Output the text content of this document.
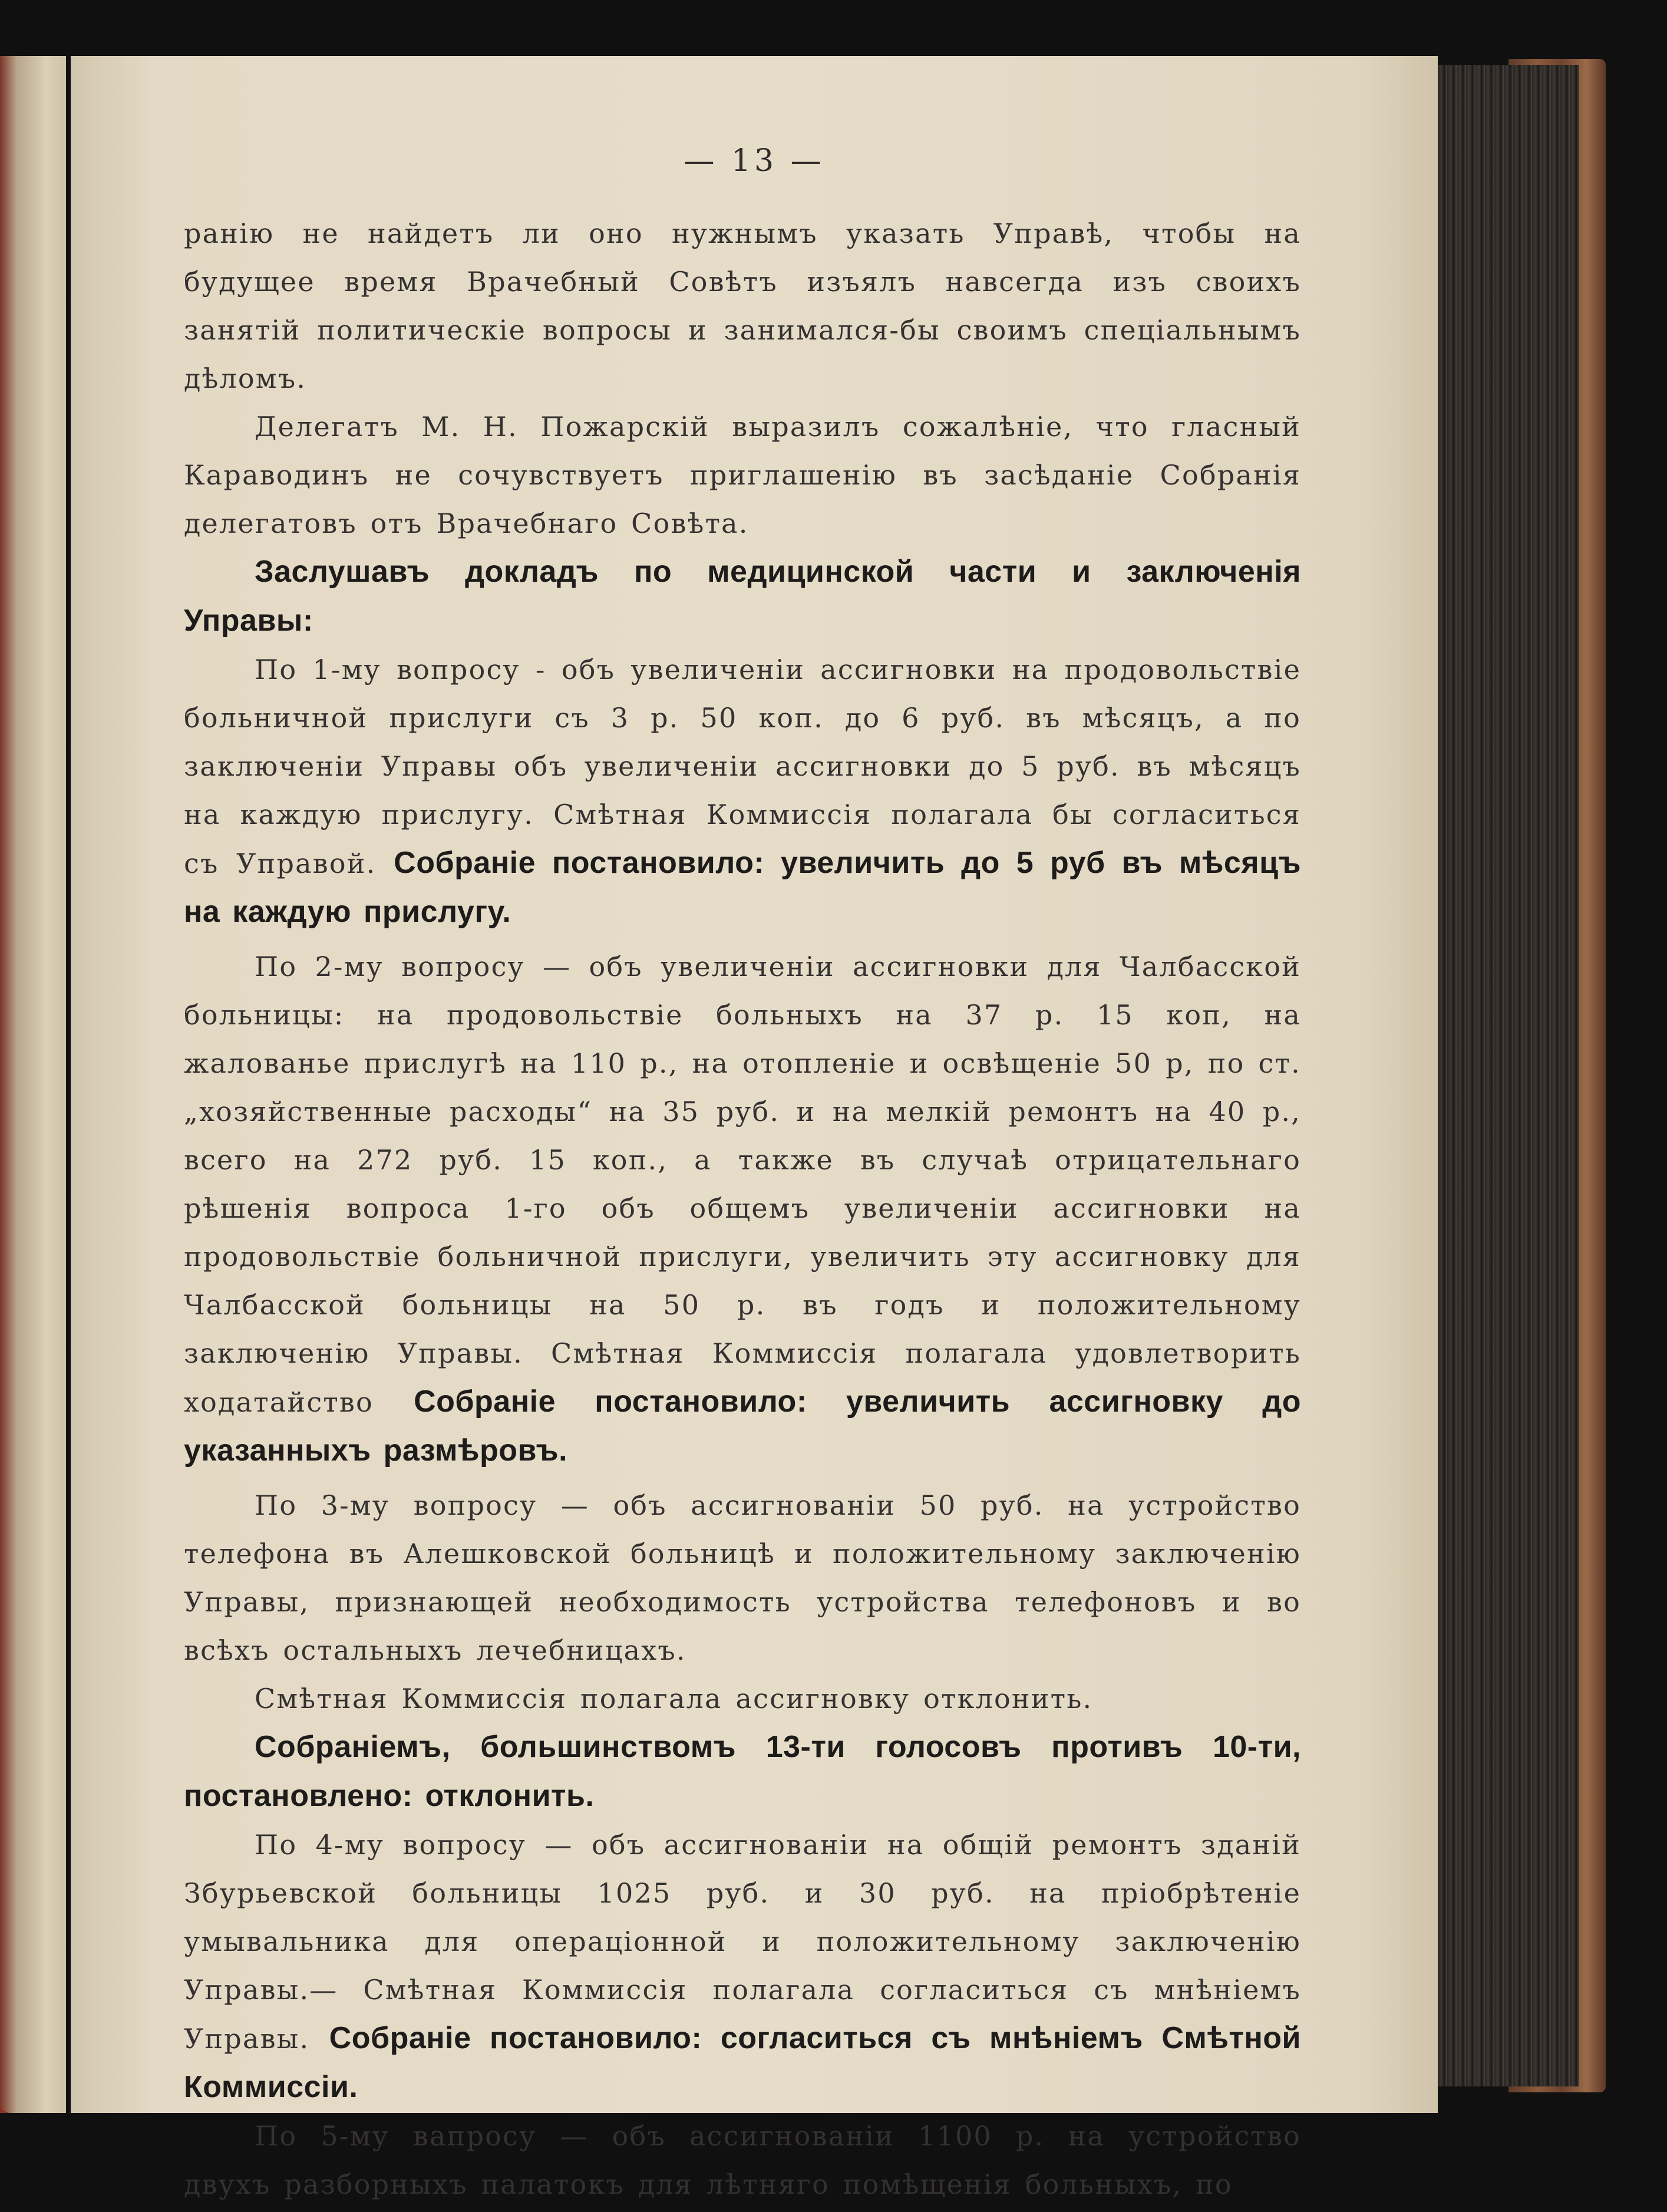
— 13 —

ранію не найдетъ ли оно нужнымъ указать Управѣ, чтобы на будущее время Врачебный Совѣтъ изъялъ навсегда изъ своихъ занятій политическіе вопросы и занимался-бы своимъ спеціальнымъ дѣломъ.

Делегатъ М. Н. Пожарскій выразилъ сожалѣніе, что гласный Караводинъ не сочувствуетъ приглашенію въ засѣданіе Собранія делегатовъ отъ Врачебнаго Совѣта.

Заслушавъ докладъ по медицинской части и заключенія Управы:

По 1-му вопросу - объ увеличеніи ассигновки на продовольствіе больничной прислуги съ 3 р. 50 коп. до 6 руб. въ мѣсяцъ, а по заключеніи Управы объ увеличеніи ассигновки до 5 руб. въ мѣсяцъ на каждую прислугу. Смѣтная Коммиссія полагала бы согласиться съ Управой. Собраніе постановило: увеличить до 5 руб въ мѣсяцъ на каждую прислугу.

По 2-му вопросу — объ увеличеніи ассигновки для Чалбасской больницы: на продовольствіе больныхъ на 37 р. 15 коп, на жалованье прислугѣ на 110 р., на отопленіе и освѣщеніе 50 р, по ст. „хозяйственные расходы“ на 35 руб. и на мелкій ремонтъ на 40 р., всего на 272 руб. 15 коп., а также въ случаѣ отрицательнаго рѣшенія вопроса 1-го объ общемъ увеличеніи ассигновки на продовольствіе больничной прислуги, увеличить эту ассигновку для Чалбасской больницы на 50 р. въ годъ и положительному заключенію Управы. Смѣтная Коммиссія полагала удовлетворить ходатайство Собраніе постановило: увеличить ассигновку до указанныхъ размѣровъ.

По 3-му вопросу — объ ассигнованіи 50 руб. на устройство телефона въ Алешковской больницѣ и положительному заключенію Управы, признающей необходимость устройства телефоновъ и во всѣхъ остальныхъ лечебницахъ.

Смѣтная Коммиссія полагала ассигновку отклонить.

Собраніемъ, большинствомъ 13-ти голосовъ противъ 10-ти, постановлено: отклонить.

По 4-му вопросу — объ ассигнованіи на общій ремонтъ зданій Збурьевской больницы 1025 руб. и 30 руб. на пріобрѣтеніе умывальника для операціонной и положительному заключенію Управы.— Смѣтная Коммиссія полагала согласиться съ мнѣніемъ Управы. Собраніе постановило: согласиться съ мнѣніемъ Смѣтной Коммиссіи.

По 5-му вапросу — объ ассигнованіи 1100 р. на устройство двухъ разборныхъ палатокъ для лѣтняго помѣщенія больныхъ, по
